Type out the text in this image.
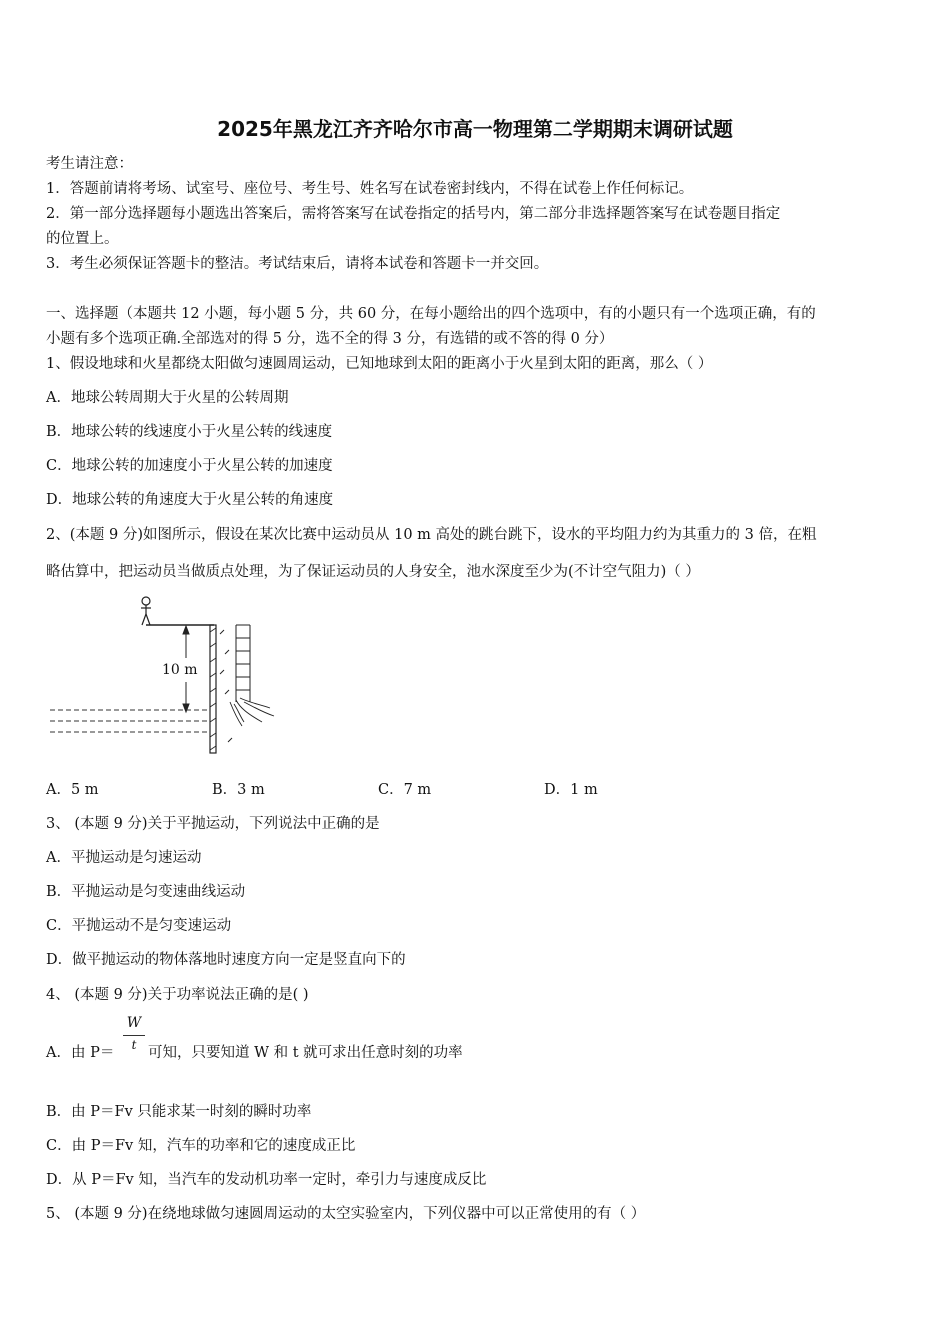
2025年黑龙江齐齐哈尔市高一物理第二学期期末调研试题
考生请注意：
1．答题前请将考场、试室号、座位号、考生号、姓名写在试卷密封线内，不得在试卷上作任何标记。
2．第一部分选择题每小题选出答案后，需将答案写在试卷指定的括号内，第二部分非选择题答案写在试卷题目指定
的位置上。
3．考生必须保证答题卡的整洁。考试结束后，请将本试卷和答题卡一并交回。
一、选择题（本题共 12 小题，每小题 5 分，共 60 分，在每小题给出的四个选项中，有的小题只有一个选项正确，有的
小题有多个选项正确.全部选对的得 5 分，选不全的得 3 分，有选错的或不答的得 0 分）
1、假设地球和火星都绕太阳做匀速圆周运动，已知地球到太阳的距离小于火星到太阳的距离，那么（ ）
A．地球公转周期大于火星的公转周期
B．地球公转的线速度小于火星公转的线速度
C．地球公转的加速度小于火星公转的加速度
D．地球公转的角速度大于火星公转的角速度
2、(本题 9 分)如图所示，假设在某次比赛中运动员从 10 m 高处的跳台跳下，设水的平均阻力约为其重力的 3 倍，在粗
略估算中，把运动员当做质点处理，为了保证运动员的人身安全，池水深度至少为(不计空气阻力)（ ）
10 m
A．5 m	B．3 m	C．7 m	D．1 m
3、 (本题 9 分)关于平抛运动，下列说法中正确的是
A．平抛运动是匀速运动
B．平抛运动是匀变速曲线运动
C．平抛运动不是匀变速运动
D．做平抛运动的物体落地时速度方向一定是竖直向下的
4、 (本题 9 分)关于功率说法正确的是( )
W
t
A．由 P＝ 可知，只要知道 W 和 t 就可求出任意时刻的功率
B．由 P＝Fv 只能求某一时刻的瞬时功率
C．由 P＝Fv 知，汽车的功率和它的速度成正比
D．从 P＝Fv 知，当汽车的发动机功率一定时，牵引力与速度成反比
5、 (本题 9 分)在绕地球做匀速圆周运动的太空实验室内，下列仪器中可以正常使用的有（ ）
